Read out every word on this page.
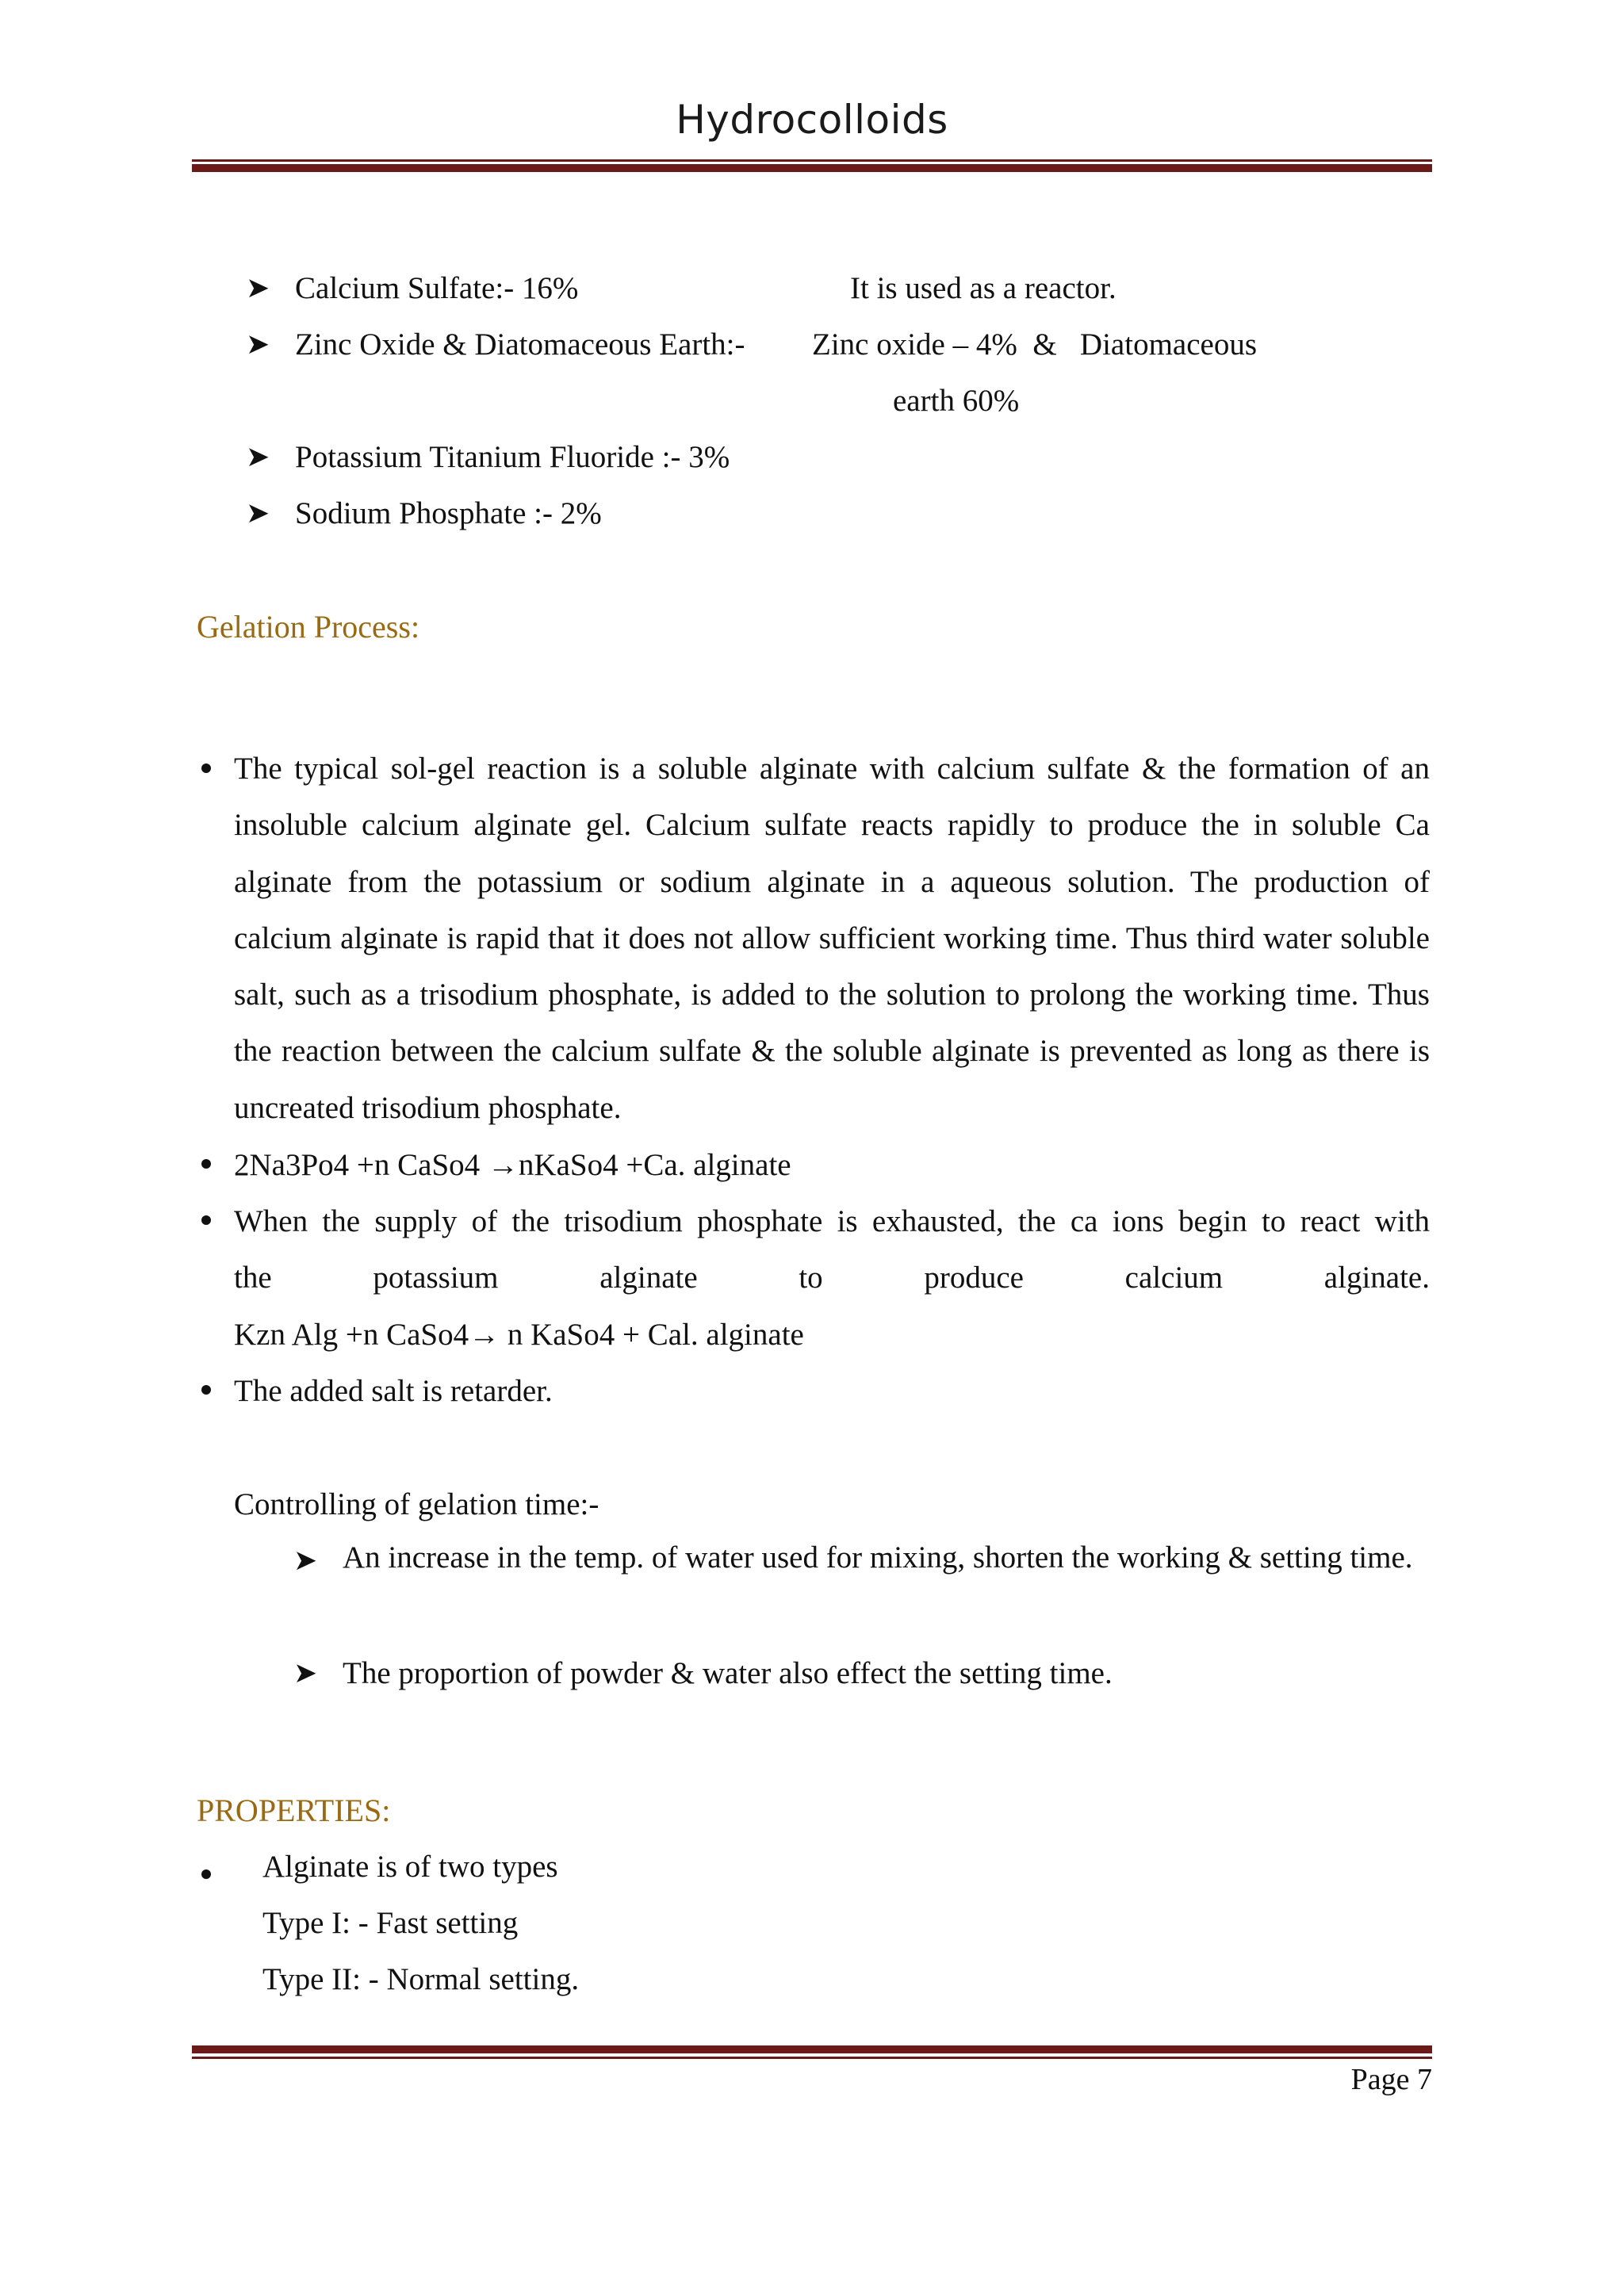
Hydrocolloids
➤ Calcium Sulfate:- 16%	It is used as a reactor.
➤ Zinc Oxide & Diatomaceous Earth:- Zinc oxide – 4%  &   Diatomaceous
earth 60%
➤ Potassium Titanium Fluoride :- 3%
➤ Sodium Phosphate :- 2%
Gelation Process:
The typical sol-gel reaction is a soluble alginate with calcium sulfate & the formation of an insoluble calcium alginate gel. Calcium sulfate reacts rapidly to produce the in soluble Ca alginate from the potassium or sodium alginate in a aqueous solution. The production of calcium alginate is rapid that it does not allow sufficient working time. Thus third water soluble salt, such as a trisodium phosphate, is added to the solution to prolong the working time. Thus the reaction between the calcium sulfate & the soluble alginate is prevented as long as there is uncreated trisodium phosphate.
2Na3Po4 +n CaSo4 →nKaSo4 +Ca. alginate
When the supply of the trisodium phosphate is exhausted, the ca ions begin to react with
the potassium alginate to produce calcium alginate.
Kzn Alg +n CaSo4→ n KaSo4 + Cal. alginate
The added salt is retarder.
Controlling of gelation time:-
➤ An increase in the temp. of water used for mixing, shorten the working & setting time.
➤ The proportion of powder & water also effect the setting time.
PROPERTIES:
Alginate is of two types
Type I: - Fast setting
Type II: - Normal setting.
Page 7
